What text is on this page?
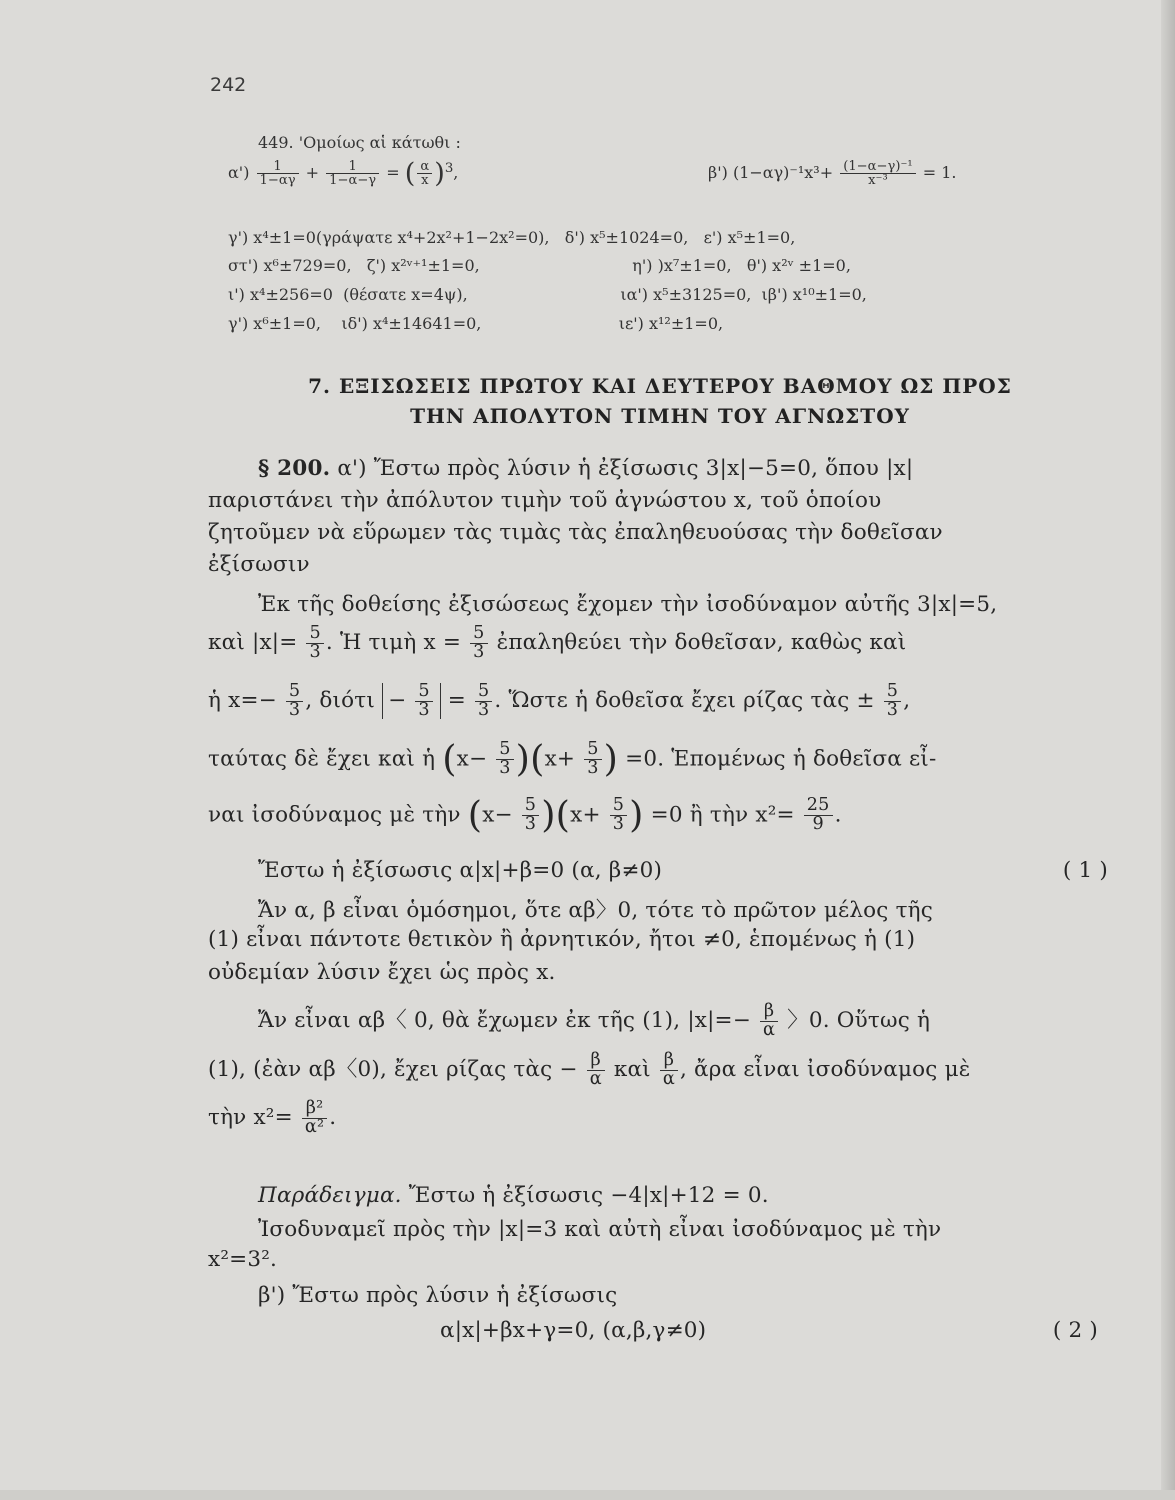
242
449. 'Ομοίως αἱ κάτωθι :
$\alpha') \frac{1}{1-\alpha\gamma} + \frac{1}{1-\alpha-\gamma}$ = ( $\frac{\alpha}{x} )^3$,	β') $(1-\alpha\gamma)^{-1}x^3+ \frac{\text{(1−α−γ)⁻¹}}{\text{x⁻³}} = 1$.
γ') x⁴±1=0(γράψατε x⁴+2x²+1−2x²=0),   δ') x⁵±1024=0,   ε') x⁵±1=0,
στ') x⁶±729=0,   ζ') x²ᵛ⁺¹±1=0,                              η') )x⁷±1=0,   θ') x²ᵛ ±1=0,
ι') x⁴±256=0  (θέσατε x=4ψ),                              ια') x⁵±3125=0,  ιβ') x¹⁰±1=0,
γ') x⁶±1=0,    ιδ') x⁴±14641=0,                           ιε') x¹²±1=0,
7. ΕΞΙΣΩΣΕΙΣ ΠΡΩΤΟΥ ΚΑΙ ΔΕΥΤΕΡΟΥ ΒΑΘΜΟΥ ΩΣ ΠΡΟΣ
ΤΗΝ ΑΠΟΛΥΤΟΝ ΤΙΜΗΝ ΤΟΥ ΑΓΝΩΣΤΟΥ
§ 200. α') Ἔστω πρὸς λύσιν ἡ ἐξίσωσις 3|x|−5=0, ὅπου |x|
παριστάνει τὴν ἀπόλυτον τιμὴν τοῦ ἀγνώστου x, τοῦ ὁποίου
ζητοῦμεν νὰ εὕρωμεν τὰς τιμὰς τὰς ἐπαληθευούσας τὴν δοθεῖσαν
ἐξίσωσιν
Ἐκ τῆς δοθείσης ἐξισώσεως ἔχομεν τὴν ἰσοδύναμον αὐτῆς 3|x|=5,
καὶ $|x|= \frac{5}{3}$ . Ἡ τιμὴ $x = \frac{5}{3}$ ἐπαληθεύει τὴν δοθεῖσαν, καθὼς καὶ
ἡ $x=- \frac{5}{3}$ , $\delta\iota ό\tau\iota - \frac{5}{3} = \frac{5}{3}$ . Ὥστε ἡ δοθεῖσα ἔχει ρίζας τὰς ± $\frac{5}{3}$ ,
ταύτας δὲ ἔχει καὶ ἡ $(x- \frac{5}{3} )(x+ \frac{5}{3}$ ) =0. Ἑπομένως ἡ δοθεῖσα εἶ-
ναι ἰσοδύναμος μὲ τὴν $(x- \frac{5}{3} )(x+ \frac{5}{3}$ ) =0 ἢ τὴν $x^2= \frac{25}{9}$ .
Ἔστω ἡ ἐξίσωσις α|x|+β=0 (α, β≠0)	( 1 )
Ἄν α, β εἶναι ὁμόσημοι, ὅτε αβ〉0, τότε τὸ πρῶτον μέλος τῆς
(1) εἶναι πάντοτε θετικὸν ἢ ἀρνητικόν, ἤτοι ≠0, ἑπομένως ἡ (1)
οὐδεμίαν λύσιν ἔχει ὡς πρὸς x.
Ἄν εἶναι αβ〈 0, θὰ ἔχωμεν ἐκ τῆς (1), $|x|=- \frac{\beta}{\alpha}$ 〉0. Οὕτως ἡ
(1), (ἐὰν αβ〈0), ἔχει ρίζας τὰς − $\frac{\beta}{\alpha}$ καὶ $\frac{\beta}{\alpha}$ , ἄρα εἶναι ἰσοδύναμος μὲ
τὴν $x^2= \frac{\text{β²}}{\text{α²}}$ .
Παράδειγμα. Ἔστω ἡ ἐξίσωσις −4|x|+12 = 0.
Ἰσοδυναμεῖ πρὸς τὴν |x|=3 καὶ αὐτὴ εἶναι ἰσοδύναμος μὲ τὴν
x²=3².
β') Ἔστω πρὸς λύσιν ἡ ἐξίσωσις
α|x|+βx+γ=0, (α,β,γ≠0)	( 2 )
